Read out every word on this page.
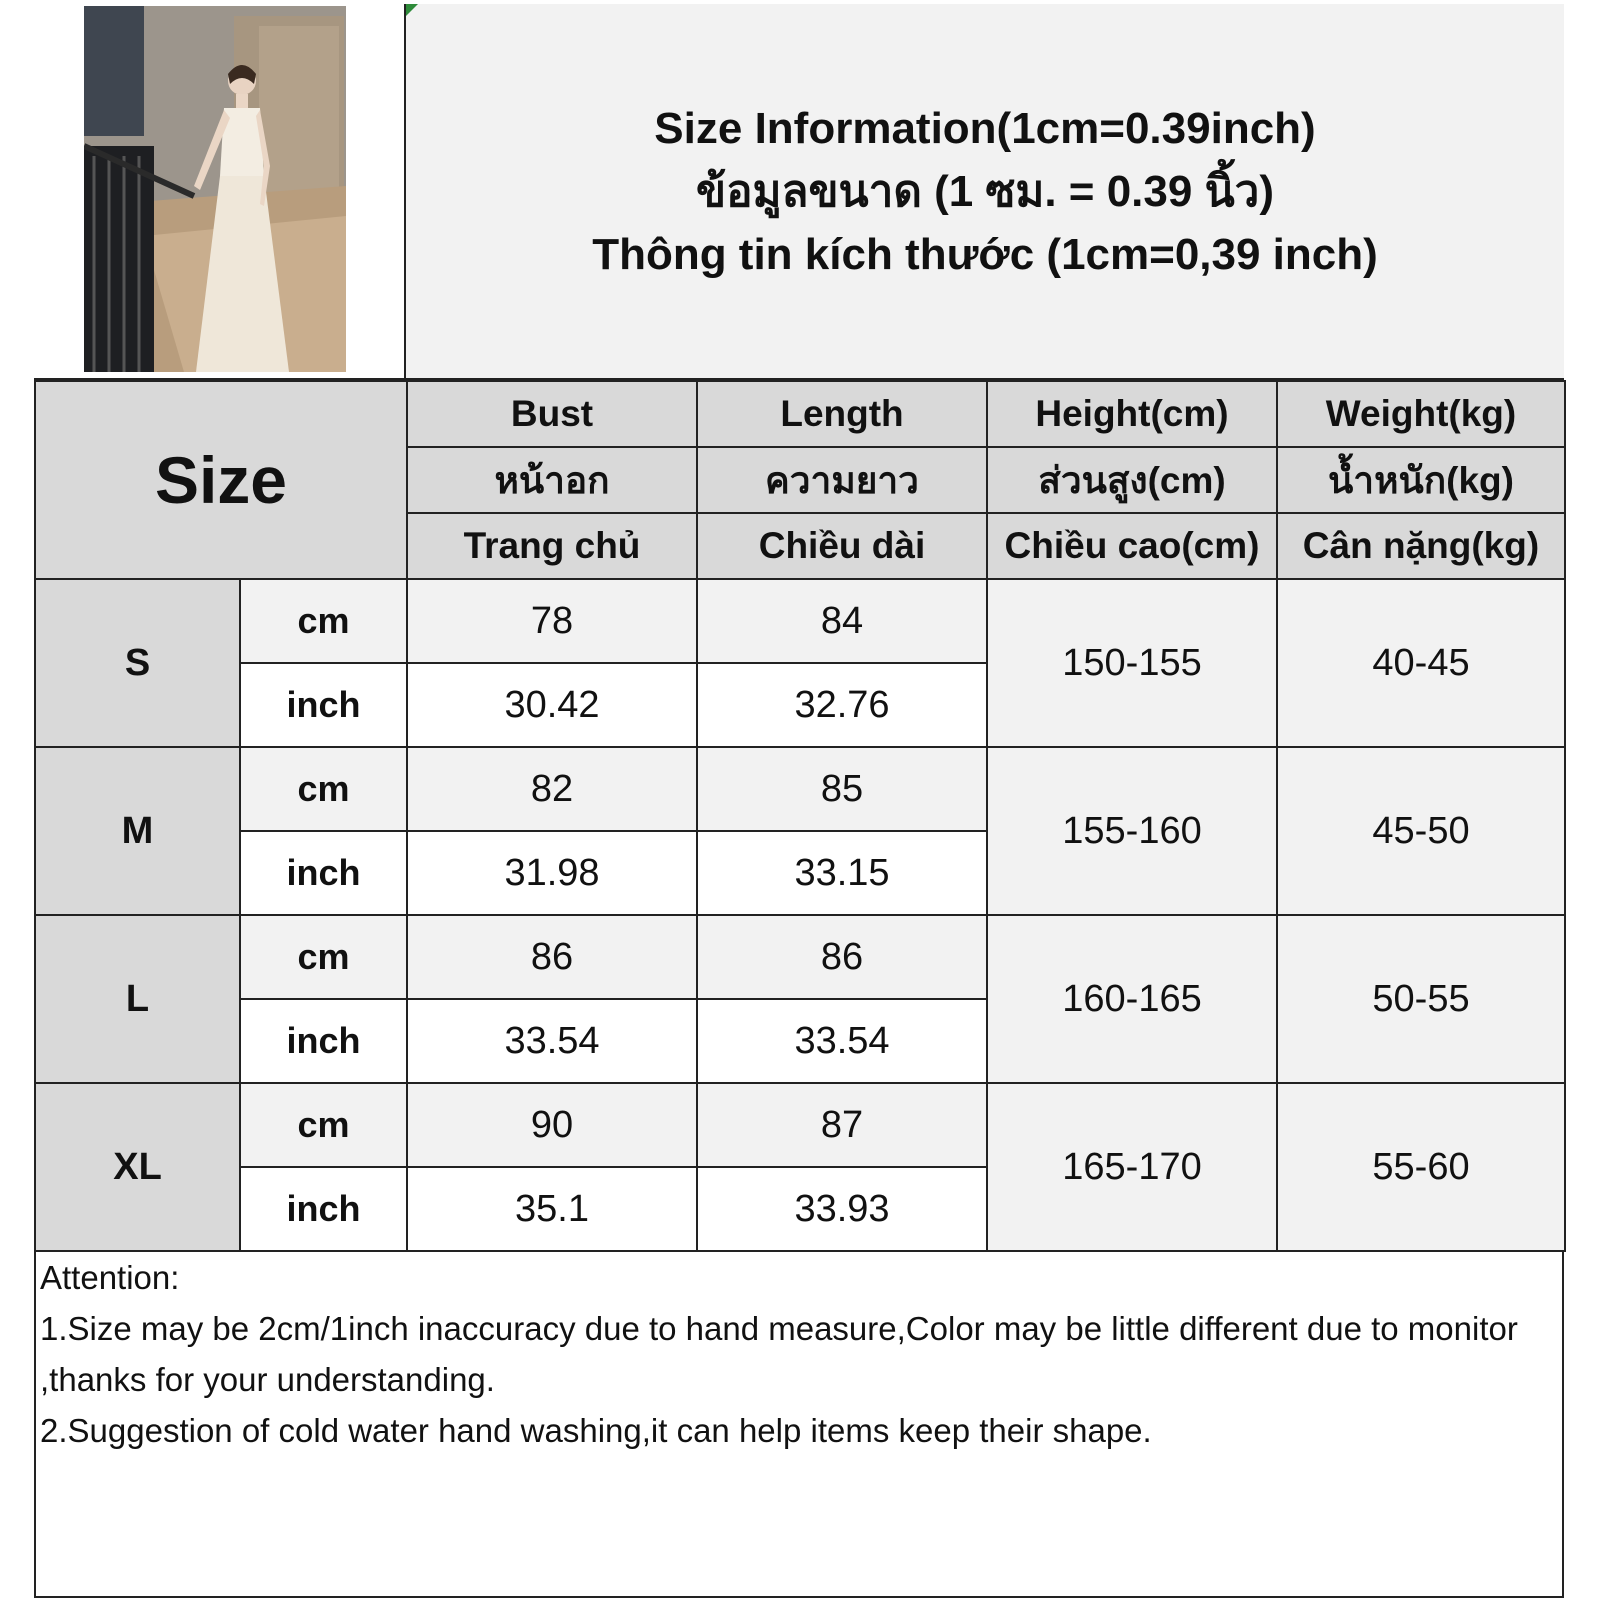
Size Information(1cm=0.39inch)
ข้อมูลขนาด (1 ซม. = 0.39 นิ้ว)
Thông tin kích thước (1cm=0,39 inch)
Size		Bust	Length	Height(cm)	Weight(kg)
		หน้าอก	ความยาว	ส่วนสูง(cm)	น้ำหนัก(kg)
		Trang chủ	Chiều dài	Chiều cao(cm)	Cân nặng(kg)
S	cm	78	84	150-155	40-45
	inch	30.42	32.76		
M	cm	82	85	155-160	45-50
	inch	31.98	33.15		
L	cm	86	86	160-165	50-55
	inch	33.54	33.54		
XL	cm	90	87	165-170	55-60
	inch	35.1	33.93		
Attention:
1.Size may be 2cm/1inch inaccuracy due to hand measure,Color may be little different due to monitor ,thanks for your understanding.
2.Suggestion of cold water hand washing,it can help items keep their shape.
